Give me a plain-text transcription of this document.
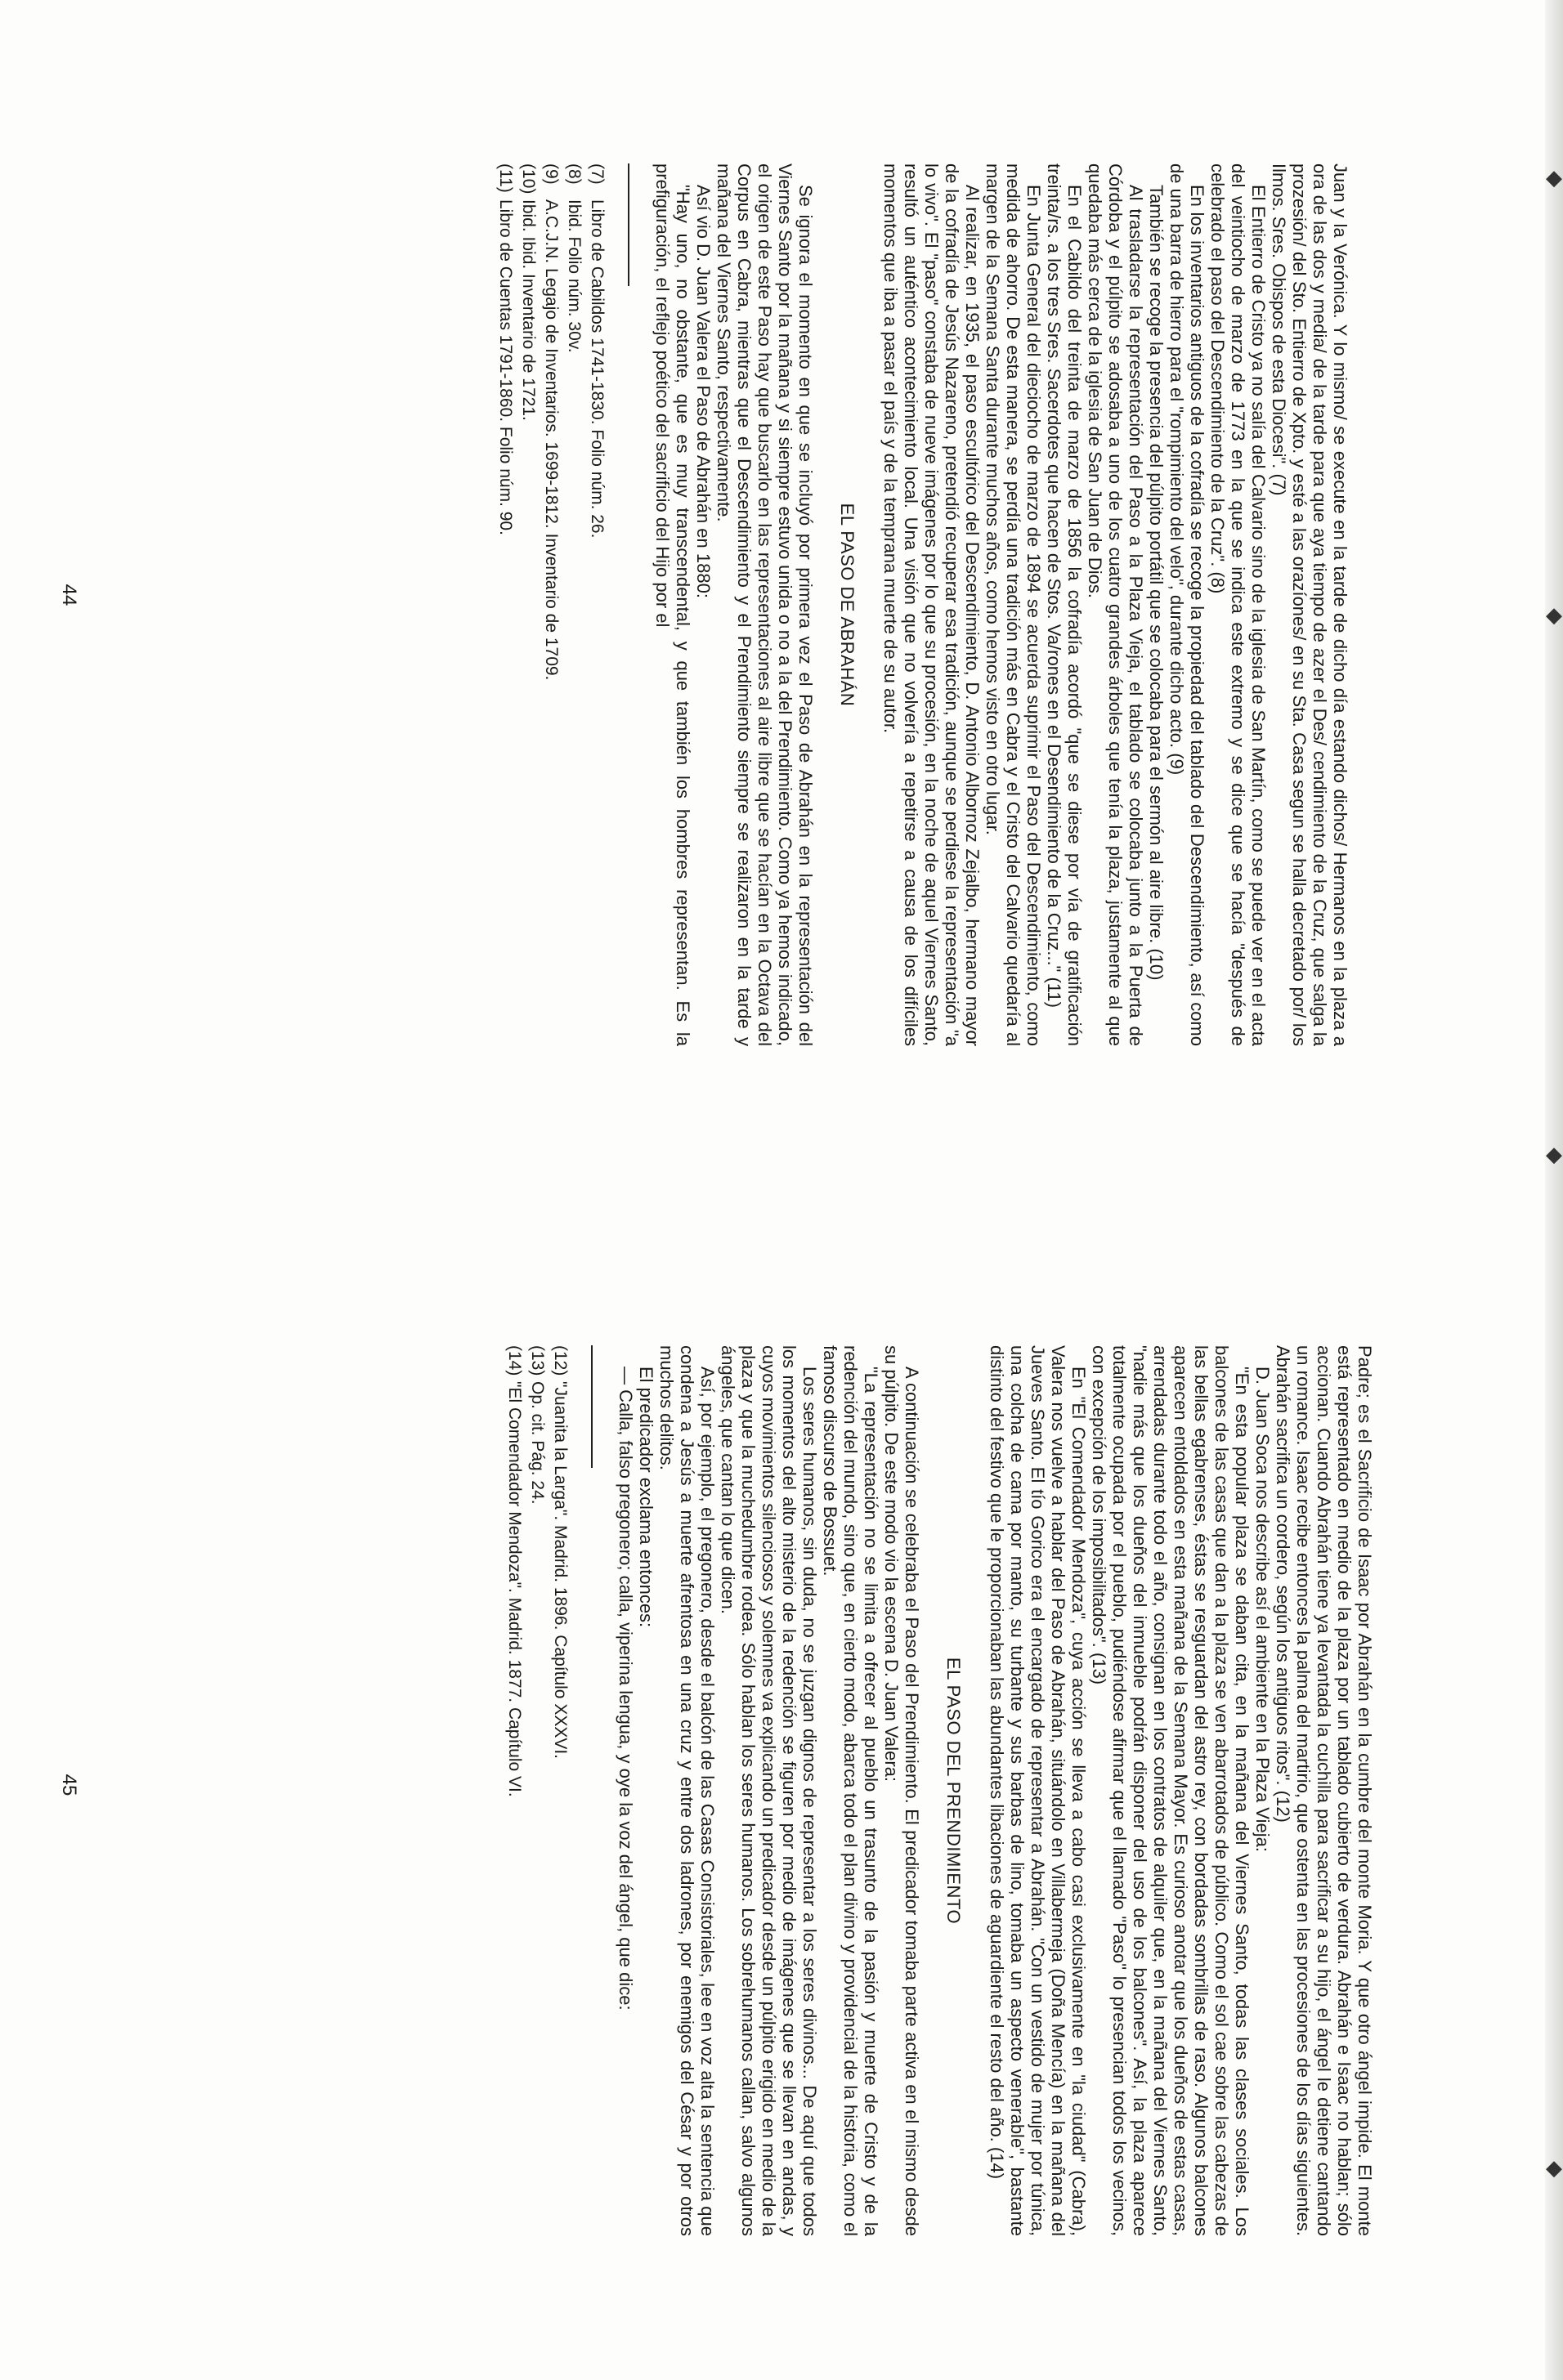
Juan y la Verónica. Y lo mismo/ se execute en la tarde de dicho día estando dichos/ Hermanos en la plaza a ora de las dos y media/ de la tarde para que aya tiempo de azer el Des/ cendimiento de la Cruz, que salga la prozesión/ del Sto. Entierro de Xpto. y esté a las orazíones/ en su Sta. Casa segun se halla decretado por/ los Ilmos. Sres. Obispos de esta Diocesi". (7)

El Entierro de Cristo ya no salía del Calvario sino de la iglesia de San Martín, como se puede ver en el acta del veintiocho de marzo de 1773 en la que se indica este extremo y se dice que se hacía "después de celebrado el paso del Descendimiento de la Cruz". (8)

En los inventarios antiguos de la cofradía se recoge la propiedad del tablado del Descendimiento, así como de una barra de hierro para el "rompimiento del velo", durante dicho acto. (9)

También se recoge la presencia del púlpito portátil que se colocaba para el sermón al aire libre. (10)

Al trasladarse la representación del Paso a la Plaza Vieja, el tablado se colocaba junto a la Puerta de Córdoba y el púlpito se adosaba a uno de los cuatro grandes árboles que tenía la plaza, justamente al que quedaba más cerca de la iglesia de San Juan de Dios.

En el Cabildo del treinta de marzo de 1856 la cofradía acordó "que se diese por vía de gratificación treinta/rs. a los tres Sres. Sacerdotes que hacen de Stos. Va/rones en el Desendimiento de la Cruz..." (11)

En Junta General del dieciocho de marzo de 1894 se acuerda suprimir el Paso del Descendimiento, como medida de ahorro. De esta manera, se perdía una tradición más en Cabra y el Cristo del Calvario quedaría al margen de la Semana Santa durante muchos años, como hemos visto en otro lugar.

Al realizar, en 1935, el paso escultórico del Descendimiento, D. Antonio Albornoz Zejalbo, hermano mayor de la cofradía de Jesús Nazareno, pretendió recuperar esa tradición, aunque se perdiese la representación "a lo vivo". El "paso" constaba de nueve imágenes por lo que su procesión, en la noche de aquel Viernes Santo, resultó un auténtico acontecimiento local. Una visión que no volvería a repetirse a causa de los difíciles momentos que iba a pasar el país y de la temprana muerte de su autor.

EL PASO DE ABRAHÁN

Se ignora el momento en que se incluyó por primera vez el Paso de Abrahán en la representación del Viernes Santo por la mañana y si siempre estuvo unida o no a la del Prendimiento. Como ya hemos indicado, el origen de este Paso hay que buscarlo en las representaciones al aire libre que se hacían en la Octava del Corpus en Cabra, mientras que el Descendimiento y el Prendimiento siempre se realizaron en la tarde y mañana del Viernes Santo, respectivamente.

Así vio D. Juan Valera el Paso de Abrahán en 1880:

"Hay uno, no obstante, que es muy transcendental, y que también los hombres representan. Es la prefiguración, el reflejo poético del sacrificio del Hijo por el

(7)
Libro de Cabildos 1741-1830. Folio núm. 26.
(8)
Ibid. Folio núm. 30v.
(9)
A.C.J.N. Legajo de Inventarios. 1699-1812. Inventario de 1709.
(10)
Ibid. Ibid. Inventario de 1721.
(11)
Libro de Cuentas 1791-1860. Folio núm. 90.
44

Padre; es el Sacrificio de Isaac por Abrahán en la cumbre del monte Moria. Y que otro ángel impide. El monte está representado en medio de la plaza por un tablado cubierto de verdura. Abrahán e Isaac no hablan; sólo accionan. Cuando Abrahán tiene ya levantada la cuchilla para sacrificar a su hijo, el ángel le detiene cantando un romance. Isaac recibe entonces la palma del martirio, que ostenta en las procesiones de los días siguientes. Abrahán sacrifica un cordero, según los antiguos ritos". (12)

D. Juan Soca nos describe así el ambiente en la Plaza Vieja:

"En esta popular plaza se daban cita, en la mañana del Viernes Santo, todas las clases sociales. Los balcones de las casas que dan a la plaza se ven abarrotados de público. Como el sol cae sobre las cabezas de las bellas egabrenses, éstas se resguardan del astro rey, con bordadas sombrillas de raso. Algunos balcones aparecen entoldados en esta mañana de la Semana Mayor. Es curioso anotar que los dueños de estas casas, arrendadas durante todo el año, consignan en los contratos de alquiler que, en la mañana del Viernes Santo, "nadie más que los dueños del inmueble podrán disponer del uso de los balcones". Así, la plaza aparece totalmente ocupada por el pueblo, pudiéndose afirmar que el llamado "Paso" lo presencian todos los vecinos, con excepción de los imposibilitados". (13)

En "El Comendador Mendoza", cuya acción se lleva a cabo casi exclusivamente en "la ciudad" (Cabra), Valera nos vuelve a hablar del Paso de Abrahán, situándolo en Villabermeja (Doña Mencía) en la mañana del Jueves Santo. El tío Gorico era el encargado de representar a Abrahán. "Con un vestido de mujer por túnica, una colcha de cama por manto, su turbante y sus barbas de lino, tomaba un aspecto venerable", bastante distinto del festivo que le proporcionaban las abundantes libaciones de aguardiente el resto del año. (14)

EL PASO DEL PRENDIMIENTO

A continuación se celebraba el Paso del Prendimiento. El predicador tomaba parte activa en el mismo desde su púlpito. De este modo vio la escena D. Juan Valera:

"La representación no se limita a ofrecer al pueblo un trasunto de la pasión y muerte de Cristo y de la redención del mundo, sino que, en cierto modo, abarca todo el plan divino y providencial de la historia, como el famoso discurso de Bossuet.

Los seres humanos, sin duda, no se juzgan dignos de representar a los seres divinos... De aquí que todos los momentos del alto misterio de la redención se figuren por medio de imágenes que se llevan en andas, y cuyos movimientos silenciosos y solemnes va explicando un predicador desde un púlpito erigido en medio de la plaza y que la muchedumbre rodea. Sólo hablan los seres humanos. Los sobrehumanos callan, salvo algunos ángeles, que cantan lo que dicen.

Así, por ejemplo, el pregonero, desde el balcón de las Casas Consistoriales, lee en voz alta la sentencia que condena a Jesús a muerte afrentosa en una cruz y entre dos ladrones, por enemigos del César y por otros muchos delitos.

El predicador exclama entonces:

— Calla, falso pregonero; calla, viperina lengua, y oye la voz del ángel, que dice:

(12)
"Juanita la Larga". Madrid. 1896. Capítulo XXXVI.
(13)
Op. cit. Pág. 24.
(14)
"El Comendador Mendoza". Madrid. 1877. Capítulo VI.
45
◆
◆
◆
◆
